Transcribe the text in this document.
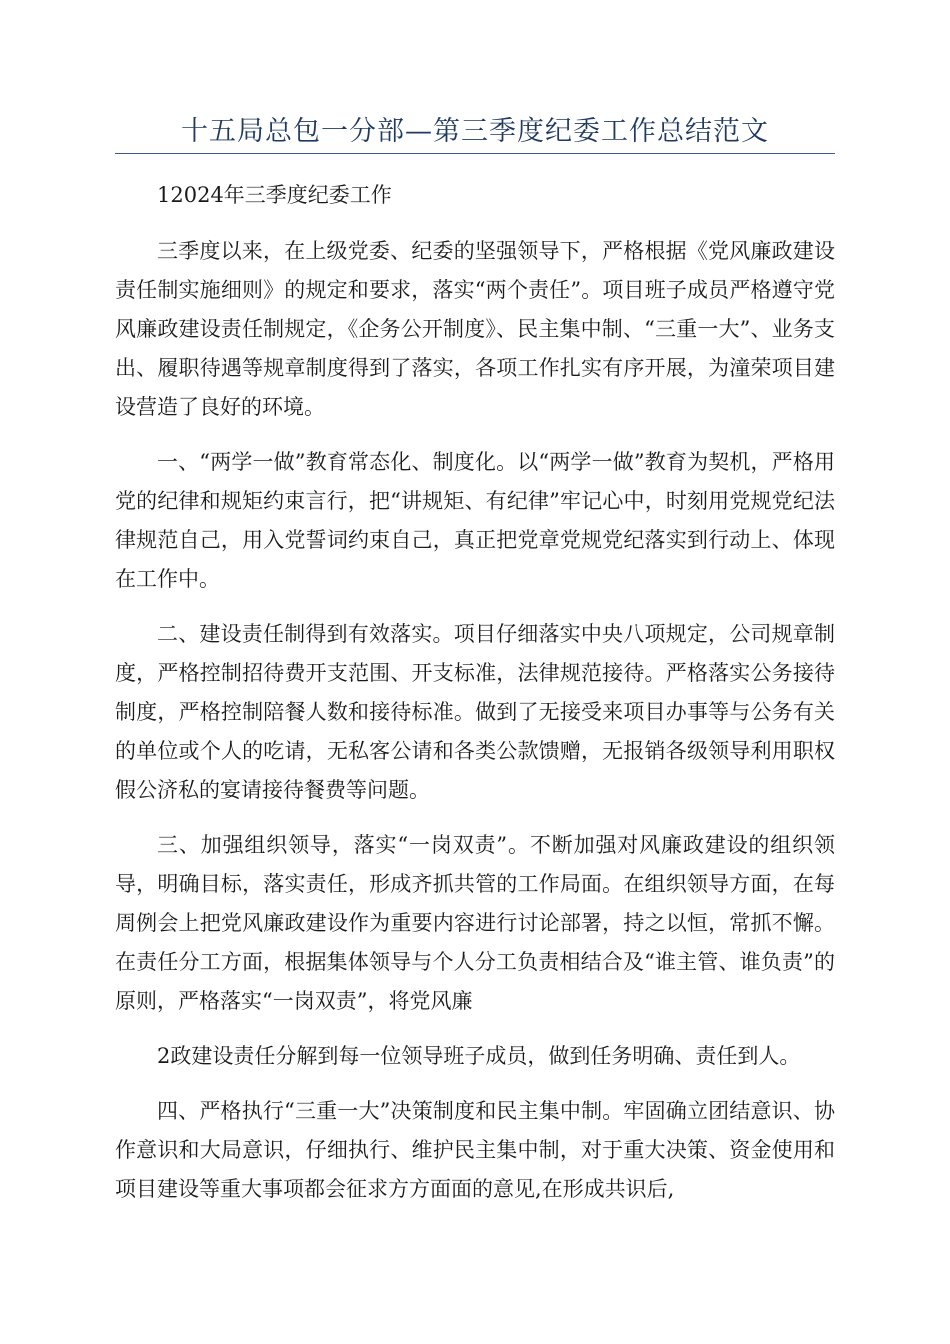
十五局总包一分部—第三季度纪委工作总结范文

12024年三季度纪委工作

三季度以来，在上级党委、纪委的坚强领导下，严格根据《党风廉政建设责任制实施细则》的规定和要求，落实“两个责任”。项目班子成员严格遵守党风廉政建设责任制规定，《企务公开制度》、民主集中制、“三重一大”、业务支出、履职待遇等规章制度得到了落实，各项工作扎实有序开展，为潼荣项目建设营造了良好的环境。

一、“两学一做”教育常态化、制度化。以“两学一做”教育为契机，严格用党的纪律和规矩约束言行，把“讲规矩、有纪律”牢记心中，时刻用党规党纪法律规范自己，用入党誓词约束自己，真正把党章党规党纪落实到行动上、体现在工作中。

二、建设责任制得到有效落实。项目仔细落实中央八项规定，公司规章制度，严格控制招待费开支范围、开支标准，法律规范接待。严格落实公务接待制度，严格控制陪餐人数和接待标准。做到了无接受来项目办事等与公务有关的单位或个人的吃请，无私客公请和各类公款馈赠，无报销各级领导利用职权假公济私的宴请接待餐费等问题。

三、加强组织领导，落实“一岗双责”。不断加强对风廉政建设的组织领导，明确目标，落实责任，形成齐抓共管的工作局面。在组织领导方面，在每周例会上把党风廉政建设作为重要内容进行讨论部署，持之以恒，常抓不懈。在责任分工方面，根据集体领导与个人分工负责相结合及“谁主管、谁负责”的原则，严格落实“一岗双责”，将党风廉

2政建设责任分解到每一位领导班子成员，做到任务明确、责任到人。

四、严格执行“三重一大”决策制度和民主集中制。牢固确立团结意识、协作意识和大局意识，仔细执行、维护民主集中制，对于重大决策、资金使用和项目建设等重大事项都会征求方方面面的意见,在形成共识后,
